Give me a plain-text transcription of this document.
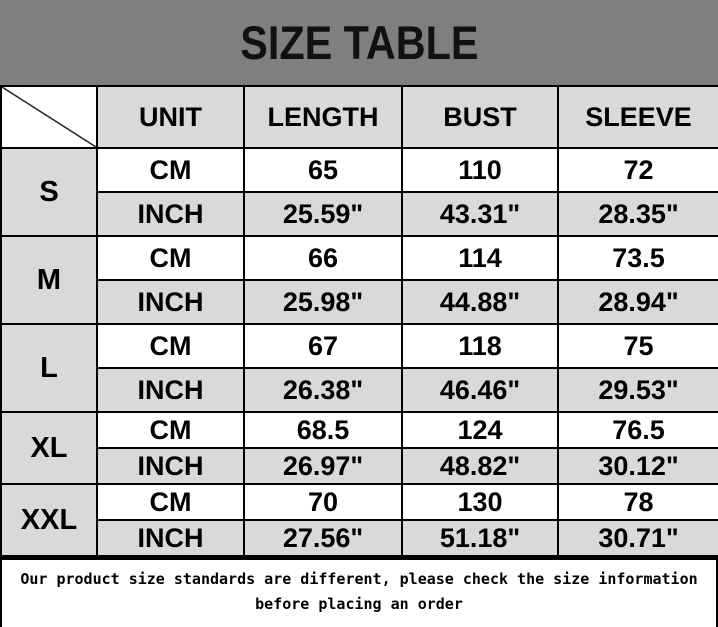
SIZE TABLE
	UNIT	LENGTH	BUST	SLEEVE
S	CM	65	110	72
	INCH	25.59"	43.31"	28.35"
M	CM	66	114	73.5
	INCH	25.98"	44.88"	28.94"
L	CM	67	118	75
	INCH	26.38"	46.46"	29.53"
XL	CM	68.5	124	76.5
	INCH	26.97"	48.82"	30.12"
XXL	CM	70	130	78
	INCH	27.56"	51.18"	30.71"
Our product size standards are different, please check the size information
before placing an order
